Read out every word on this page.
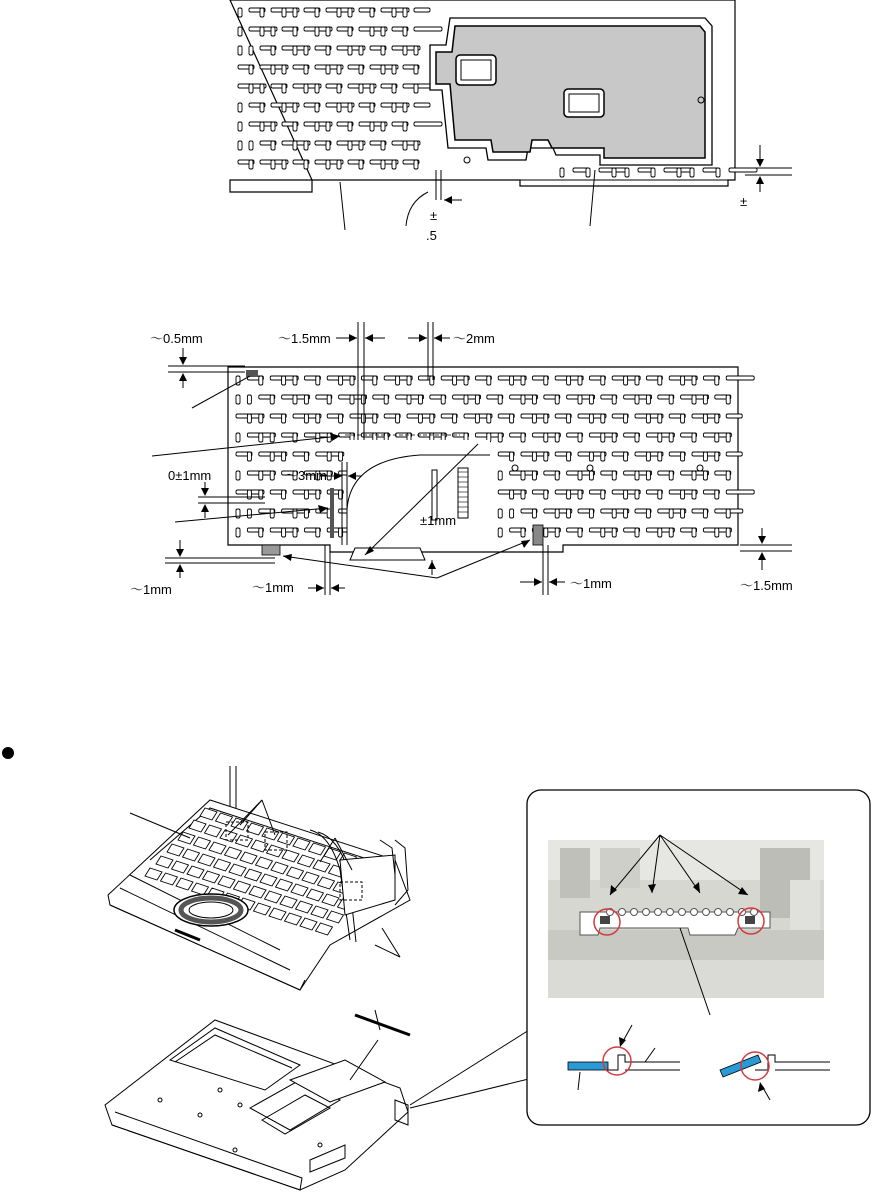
±
.5
±
～0.5mm	～1.5mm	～2mm
0±1mm	～3mm
±1mm
～1mm	～1mm	～1mm	～1.5mm
